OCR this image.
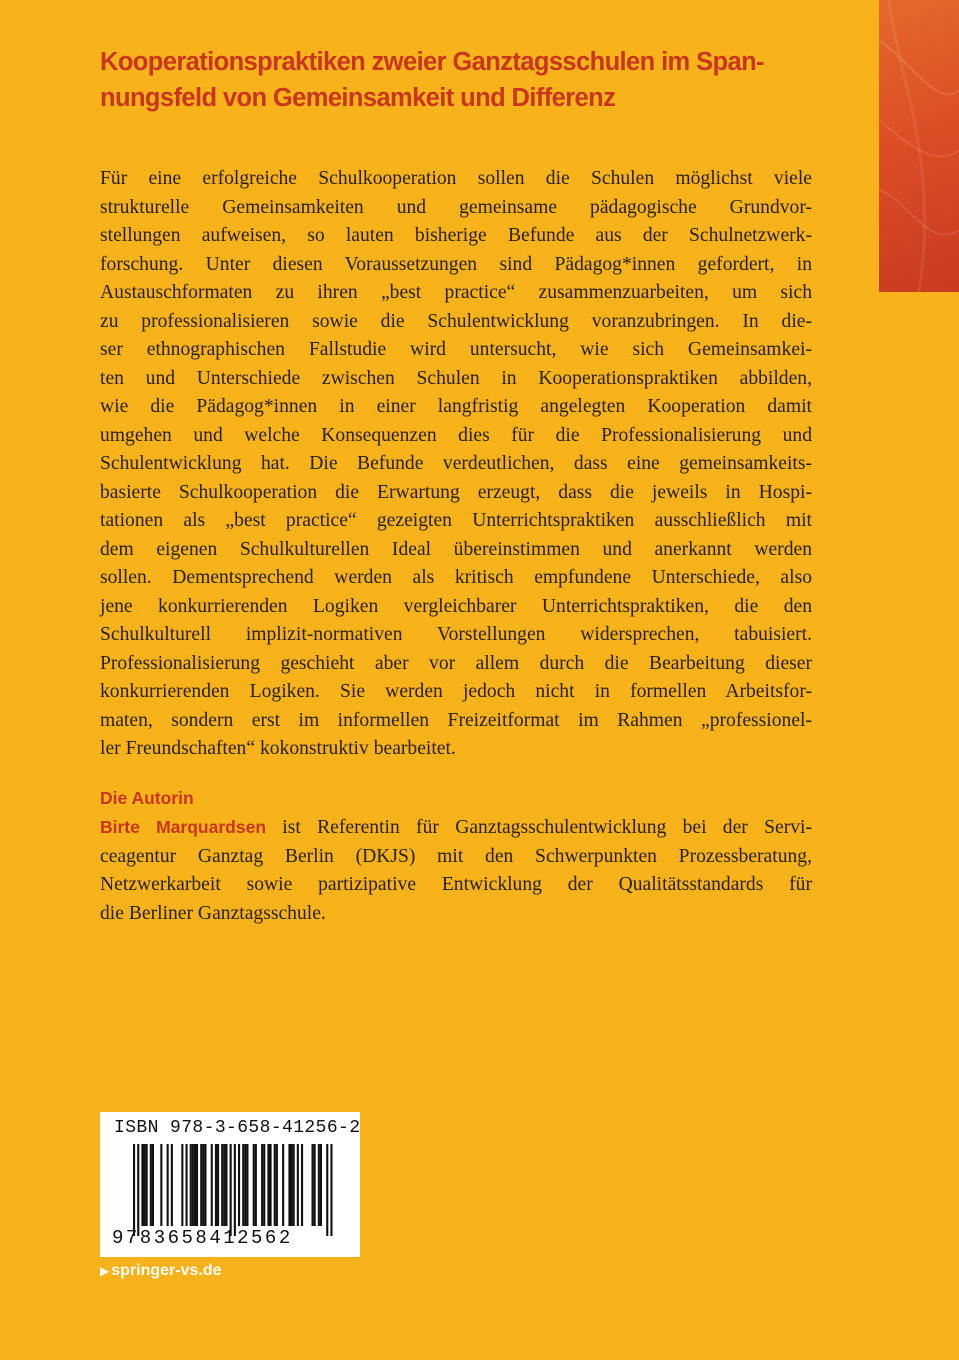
Kooperationspraktiken zweier Ganztagsschulen im Span-
nungsfeld von Gemeinsamkeit und Differenz
Für eine erfolgreiche Schulkooperation sollen die Schulen möglichst viele
strukturelle Gemeinsamkeiten und gemeinsame pädagogische Grundvor-
stellungen aufweisen, so lauten bisherige Befunde aus der Schulnetzwerk-
forschung. Unter diesen Voraussetzungen sind Pädagog*innen gefordert, in
Austauschformaten zu ihren „best practice“ zusammenzuarbeiten, um sich
zu professionalisieren sowie die Schulentwicklung voranzubringen. In die-
ser ethnographischen Fallstudie wird untersucht, wie sich Gemeinsamkei-
ten und Unterschiede zwischen Schulen in Kooperationspraktiken abbilden,
wie die Pädagog*innen in einer langfristig angelegten Kooperation damit
umgehen und welche Konsequenzen dies für die Professionalisierung und
Schulentwicklung hat. Die Befunde verdeutlichen, dass eine gemeinsamkeits-
basierte Schulkooperation die Erwartung erzeugt, dass die jeweils in Hospi-
tationen als „best practice“ gezeigten Unterrichtspraktiken ausschließlich mit
dem eigenen Schulkulturellen Ideal übereinstimmen und anerkannt werden
sollen. Dementsprechend werden als kritisch empfundene Unterschiede, also
jene konkurrierenden Logiken vergleichbarer Unterrichtspraktiken, die den
Schulkulturell implizit-normativen Vorstellungen widersprechen, tabuisiert.
Professionalisierung geschieht aber vor allem durch die Bearbeitung dieser
konkurrierenden Logiken. Sie werden jedoch nicht in formellen Arbeitsfor-
maten, sondern erst im informellen Freizeitformat im Rahmen „professionel-
ler Freundschaften“ kokonstruktiv bearbeitet.
Die Autorin
Birte Marquardsen ist Referentin für Ganztagsschulentwicklung bei der Servi-
ceagentur Ganztag Berlin (DKJS) mit den Schwerpunkten Prozessberatung,
Netzwerkarbeit sowie partizipative Entwicklung der Qualitätsstandards für
die Berliner Ganztagsschule.
ISBN 978-3-658-41256-2
9783658412562
▶ springer-vs.de
